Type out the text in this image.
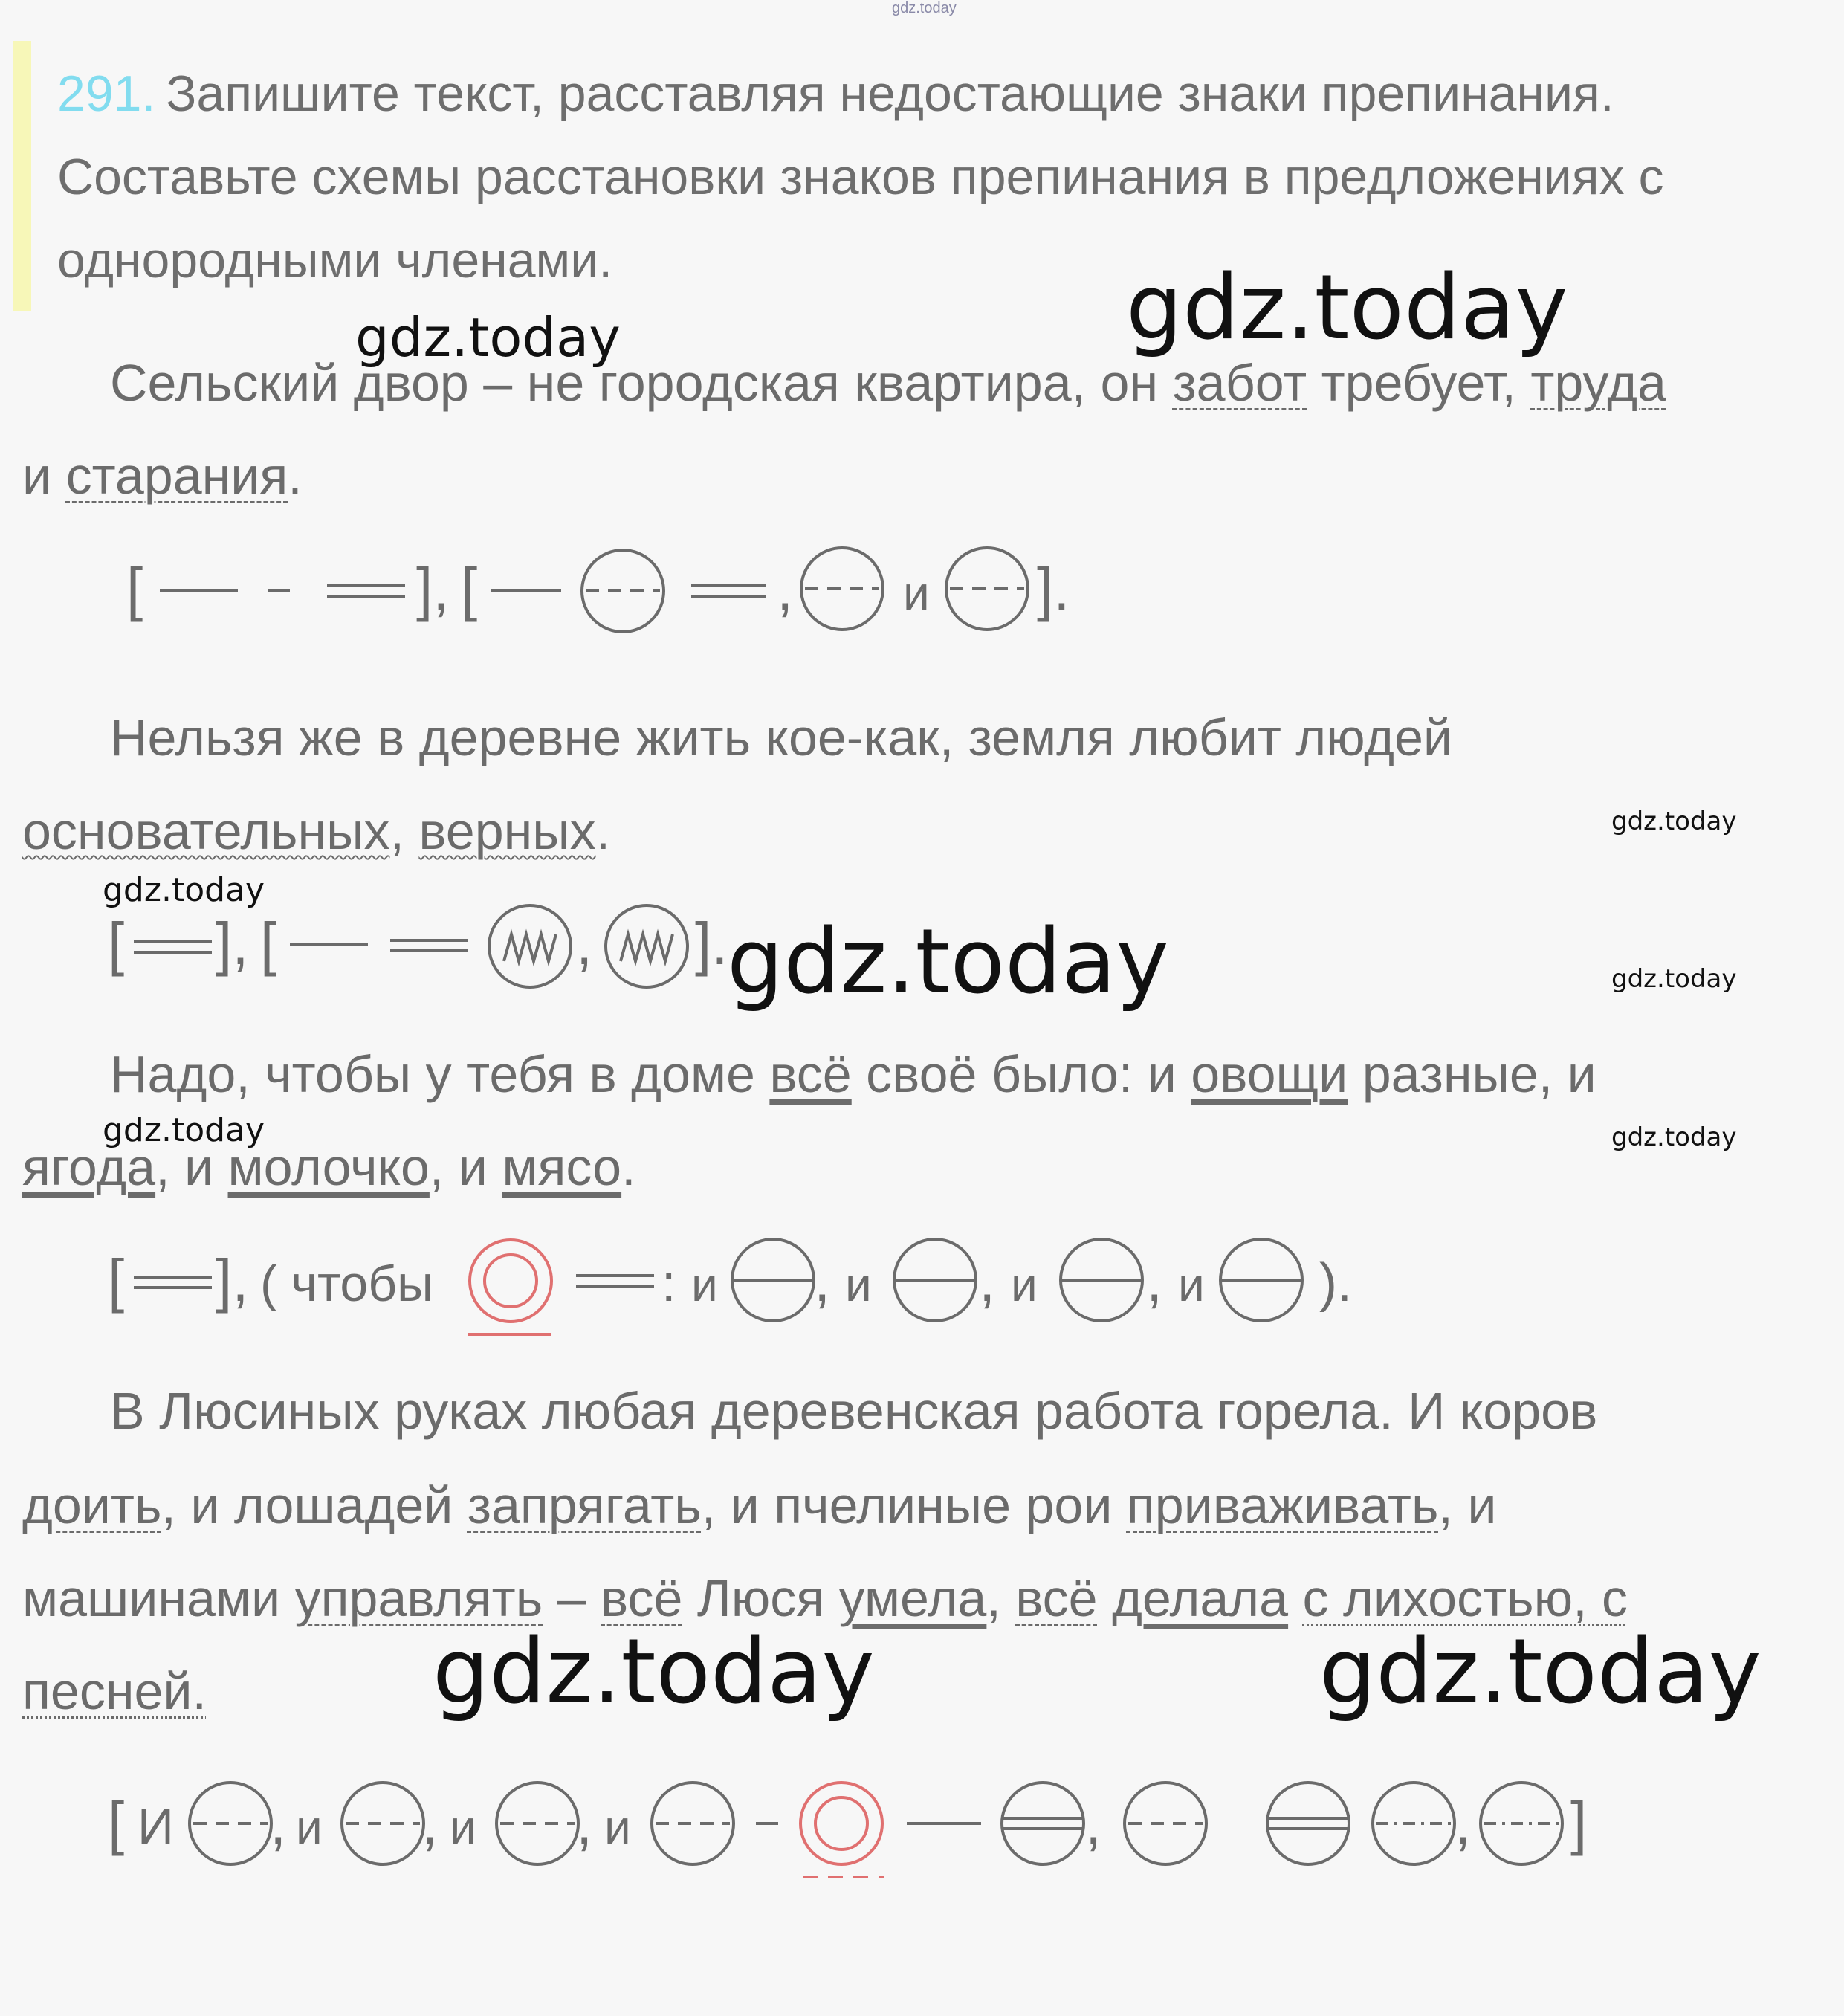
gdz.today
291. Запишите текст, расставляя недостающие знаки препинания. Составьте схемы расстановки знаков препинания в предложениях с однородными членами.	gdz.today
gdz.today
gdz.today
gdz.today
gdz.today
gdz.today
gdz.today
gdz.today
gdz.today	gdz.today
Сельский двор – не городская квартира, он забот требует, труда
и старания.
[	], [	, и ].
Нельзя же в деревне жить кое-как, земля любит людей
основательных, верных.
[ ], [	, ].
Надо, чтобы у тебя в доме всё своё было: и овощи разные, и
ягода, и молочко, и мясо.
[ ], ( чтобы	: и , и , и , и ).
В Люсиных руках любая деревенская работа горела. И коров
доить, и лошадей запрягать, и пчелиные рои приваживать, и
машинами управлять – всё Люся умела, всё делала с лихостью, с
песней.
[ И , и , и , и	,	, ]
